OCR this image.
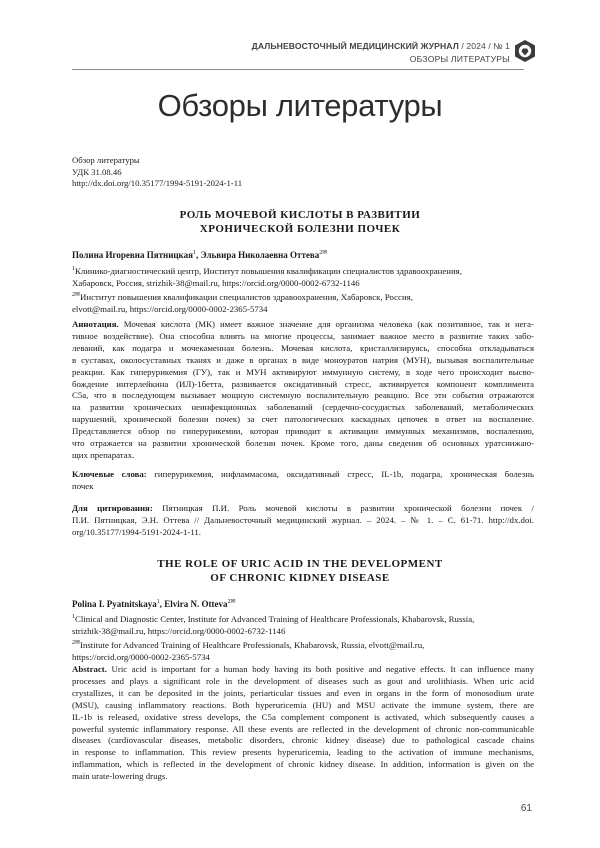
ДАЛЬНЕВОСТОЧНЫЙ МЕДИЦИНСКИЙ ЖУРНАЛ / 2024 / № 1
ОБЗОРЫ ЛИТЕРАТУРЫ
Обзоры литературы
Обзор литературы
УДК 31.08.46
http://dx.doi.org/10.35177/1994-5191-2024-1-11
РОЛЬ МОЧЕВОЙ КИСЛОТЫ В РАЗВИТИИ
ХРОНИЧЕСКОЙ БОЛЕЗНИ ПОЧЕК
Полина Игоревна Пятницкая$^1$, Эльвира Николаевна Оттева$^{2✉}$
$^1$Клинико-диагностический центр, Институт повышения квалификации специалистов здравоохранения,
Хабаровск, Россия, strizhik-38@mail.ru, https://orcid.org/0000-0002-6732-1146
$^{2✉}$Институт повышения квалификации специалистов здравоохранения, Хабаровск, Россия,
elvott@mail.ru, https://orcid.org/0000-0002-2365-5734
Аннотация. Мочевая кислота (МК) имеет важное значение для организма человека (как позитивное, так и нега-
тивное воздействие). Она способна влиять на многие процессы, занимает важное место в развитие таких забо-
леваний, как подагра и мочекаменная болезнь. Мочевая кислота, кристаллизируясь, способна откладываться
в суставах, околосуставных тканях и даже в органах в виде моноуратов натрия (МУН), вызывая воспалительные
реакции. Как гиперурикемия (ГУ), так и МУН активируют иммунную систему, в ходе чего происходит высво-
бождение интерлейкина (ИЛ)-1бетта, развивается оксидативный стресс, активируется компонент комплимента
С5а, что в последующем вызывает мощную системную воспалительную реакцию. Все эти события отражаются
на развитии хронических неинфекционных заболеваний (сердечно-сосудистых заболеваний, метаболических
нарушений, хронической болезни почек) за счет патологических каскадных цепочек в ответ на воспаление.
Представляется обзор по гиперурикемии, которая приводит к активации иммунных механизмов, воспалению,
что отражается на развитии хронической болезни почек. Кроме того, даны сведения об основных уратснижаю-
щих препаратах.
Ключевые слова: гиперурикемия, инфламмасома, оксидативный стресс, IL-1b, подагра, хроническая болезнь
почек
Для цитирования: Пятницкая П.И. Роль мочевой кислоты в развитии хронической болезни почек /
П.И. Пятницкая, Э.Н. Оттева // Дальневосточный медицинский журнал. – 2024. – № 1. – С. 61-71. http://dx.doi.
org/10.35177/1994-5191-2024-1-11.
THE ROLE OF URIC ACID IN THE DEVELOPMENT
OF CHRONIC KIDNEY DISEASE
Polina I. Pyatnitskaya$^1$, Elvira N. Otteva$^{2✉}$
$^1$Clinical and Diagnostic Center, Institute for Advanced Training of Healthcare Professionals, Khabarovsk, Russia,
strizhik-38@mail.ru, https://orcid.org/0000-0002-6732-1146
$^{2✉}$Institute for Advanced Training of Healthcare Professionals, Khabarovsk, Russia, elvott@mail.ru,
https://orcid.org/0000-0002-2365-5734
Abstract. Uric acid is important for a human body having its both positive and negative effects. It can influence many
processes and plays a significant role in the development of diseases such as gout and urolithiasis. When uric acid
crystallizes, it can be deposited in the joints, periarticular tissues and even in organs in the form of monosodium urate
(MSU), causing inflammatory reactions. Both hyperuricemia (HU) and MSU activate the immune system, there are
IL-1b is released, oxidative stress develops, the C5a complement component is activated, which subsequently causes a
powerful systemic inflammatory response. All these events are reflected in the development of chronic non-communicable
diseases (cardiovascular diseases, metabolic disorders, chronic kidney disease) due to pathological cascade chains
in response to inflammation. This review presents hyperuricemia, leading to the activation of immune mechanisms,
inflammation, which is reflected in the development of chronic kidney disease. In addition, information is given on the
main urate-lowering drugs.
61
